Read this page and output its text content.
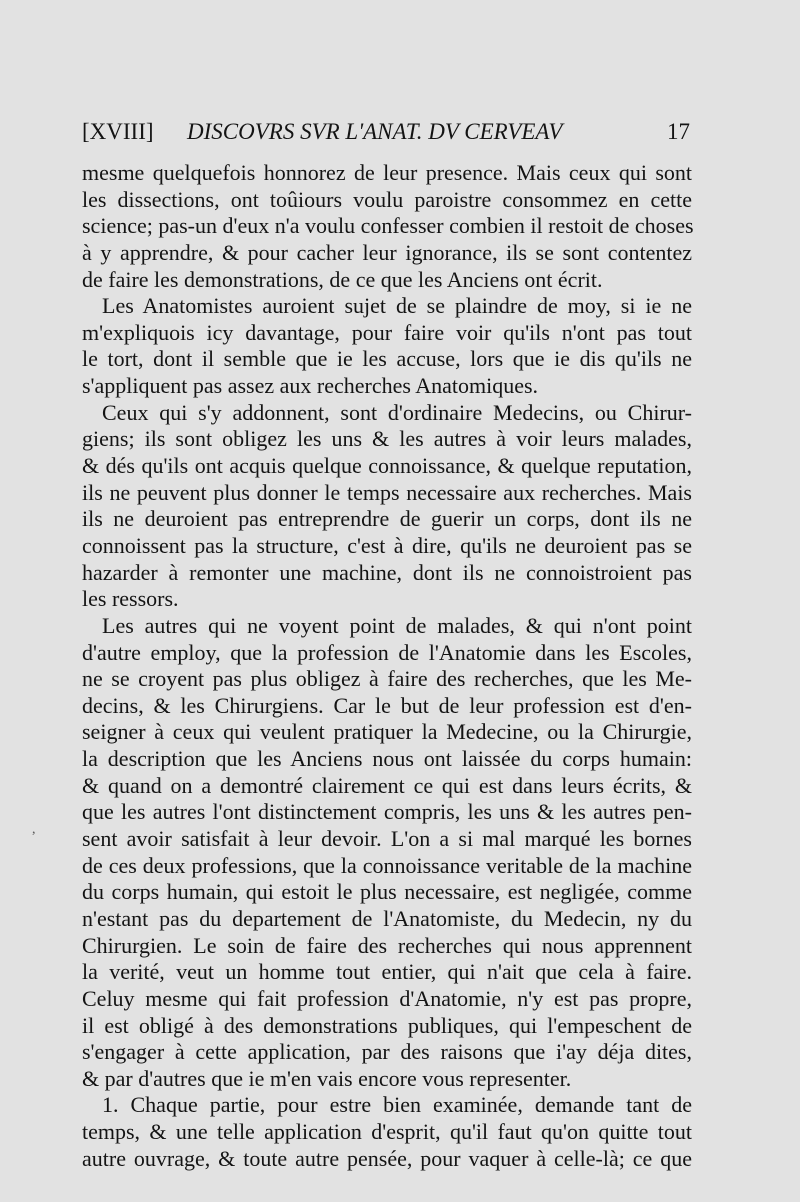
[XVIII] DISCOVRS SVR L'ANAT. DV CERVEAV	17
mesme quelquefois honnorez de leur presence. Mais ceux qui sont
les dissections, ont toûiours voulu paroistre consommez en cette
science; pas-un d'eux n'a voulu confesser combien il restoit de choses
à y apprendre, & pour cacher leur ignorance, ils se sont contentez
de faire les demonstrations, de ce que les Anciens ont écrit.
Les Anatomistes auroient sujet de se plaindre de moy, si ie ne
m'expliquois icy davantage, pour faire voir qu'ils n'ont pas tout
le tort, dont il semble que ie les accuse, lors que ie dis qu'ils ne
s'appliquent pas assez aux recherches Anatomiques.
Ceux qui s'y addonnent, sont d'ordinaire Medecins, ou Chirur-
giens; ils sont obligez les uns & les autres à voir leurs malades,
& dés qu'ils ont acquis quelque connoissance, & quelque reputation,
ils ne peuvent plus donner le temps necessaire aux recherches. Mais
ils ne deuroient pas entreprendre de guerir un corps, dont ils ne
connoissent pas la structure, c'est à dire, qu'ils ne deuroient pas se
hazarder à remonter une machine, dont ils ne connoistroient pas
les ressors.
Les autres qui ne voyent point de malades, & qui n'ont point
d'autre employ, que la profession de l'Anatomie dans les Escoles,
ne se croyent pas plus obligez à faire des recherches, que les Me-
decins, & les Chirurgiens. Car le but de leur profession est d'en-
seigner à ceux qui veulent pratiquer la Medecine, ou la Chirurgie,
la description que les Anciens nous ont laissée du corps humain:
& quand on a demontré clairement ce qui est dans leurs écrits, &
que les autres l'ont distinctement compris, les uns & les autres pen-
sent avoir satisfait à leur devoir. L'on a si mal marqué les bornes
de ces deux professions, que la connoissance veritable de la machine
du corps humain, qui estoit le plus necessaire, est negligée, comme
n'estant pas du departement de l'Anatomiste, du Medecin, ny du
Chirurgien. Le soin de faire des recherches qui nous apprennent
la verité, veut un homme tout entier, qui n'ait que cela à faire.
Celuy mesme qui fait profession d'Anatomie, n'y est pas propre,
il est obligé à des demonstrations publiques, qui l'empeschent de
s'engager à cette application, par des raisons que i'ay déja dites,
& par d'autres que ie m'en vais encore vous representer.
1. Chaque partie, pour estre bien examinée, demande tant de
temps, & une telle application d'esprit, qu'il faut qu'on quitte tout
autre ouvrage, & toute autre pensée, pour vaquer à celle-là; ce que
,
